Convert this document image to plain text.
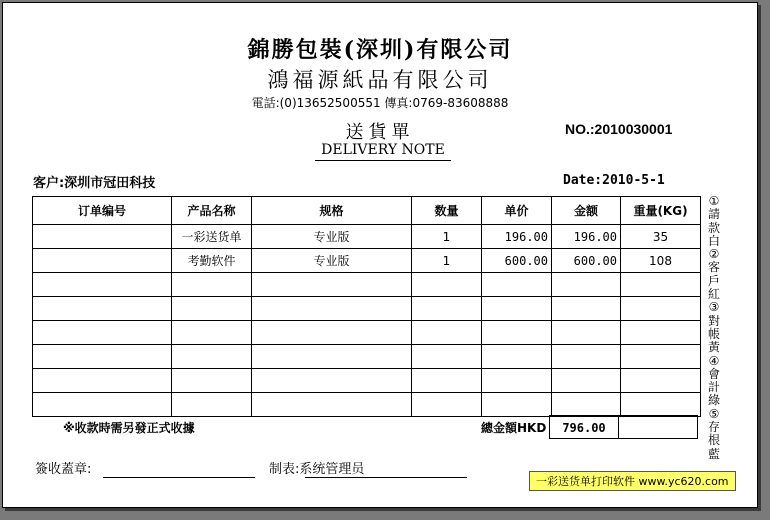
錦勝包裝(深圳)有限公司
鴻福源紙品有限公司
電話:(0)13652500551 傳真:0769-83608888
送貨單	NO.:2010030001
DELIVERY NOTE
客户:深圳市冠田科技	Date:2010-5-1
订单编号	产品名称	规格	数量	单价	金额	重量(KG)
	一彩送货单	专业版	1	196.00	196.00	35
	考勤软件	专业版	1	600.00	600.00	108

※收款時需另發正式收據	總金額HKD	796.00
簽收蓋章:	制表:系统管理员
①請款白②客戶紅③對帳黃④會計綠⑤存根藍
一彩送货单打印软件 www.yc620.com
